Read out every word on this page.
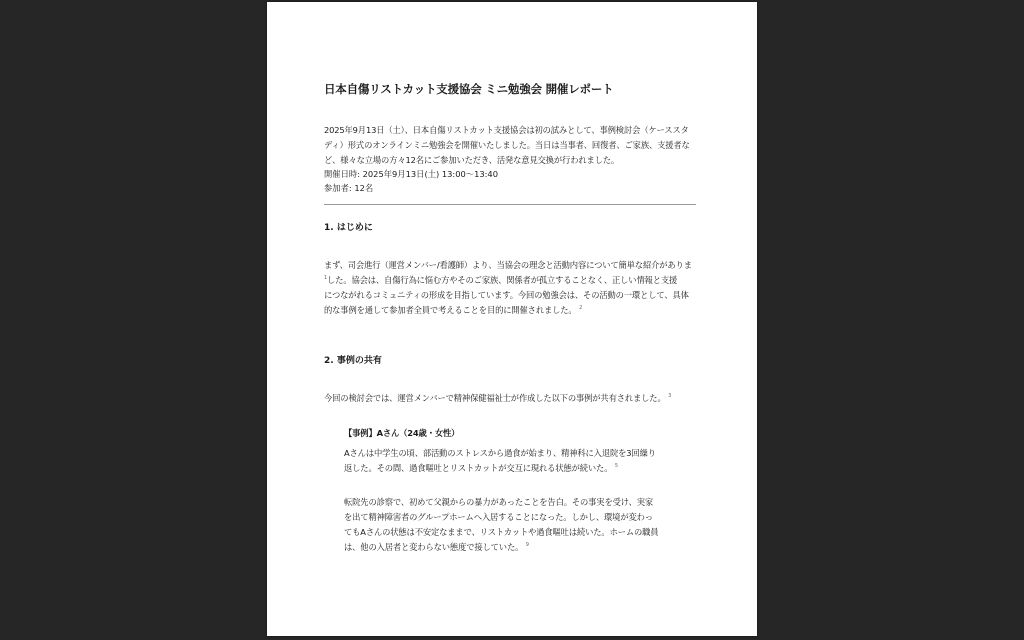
日本自傷リストカット支援協会 ミニ勉強会 開催レポート
2025年9月13日（土）、日本自傷リストカット支援協会は初の試みとして、事例検討会（ケーススタ
ディ）形式のオンラインミニ勉強会を開催いたしました。当日は当事者、回復者、ご家族、支援者な
ど、様々な立場の方々12名にご参加いただき、活発な意見交換が行われました。
開催日時: 2025年9月13日(土) 13:00〜13:40
参加者: 12名
1. はじめに
まず、司会進行（運営メンバー/看護師）より、当協会の理念と活動内容について簡単な紹介がありま
$^1$した。協会は、自傷行為に悩む方やそのご家族、関係者が孤立することなく、正しい情報と支援
につながれるコミュニティの形成を目指しています。今回の勉強会は、その活動の一環として、具体
的な事例を通して参加者全員で考えることを目的に開催されました。 $^2$
2. 事例の共有
今回の検討会では、運営メンバーで精神保健福祉士が作成した以下の事例が共有されました。 $^3$
【事例】Aさん（24歳・女性）
Aさんは中学生の頃、部活動のストレスから過食が始まり、精神科に入退院を3回繰り
返した。その間、過食嘔吐とリストカットが交互に現れる状態が続いた。 $^5$
転院先の診察で、初めて父親からの暴力があったことを告白。その事実を受け、実家
を出て精神障害者のグループホームへ入居することになった。しかし、環境が変わっ
てもAさんの状態は不安定なままで、リストカットや過食嘔吐は続いた。ホームの職員
は、他の入居者と変わらない態度で接していた。 $^9$
